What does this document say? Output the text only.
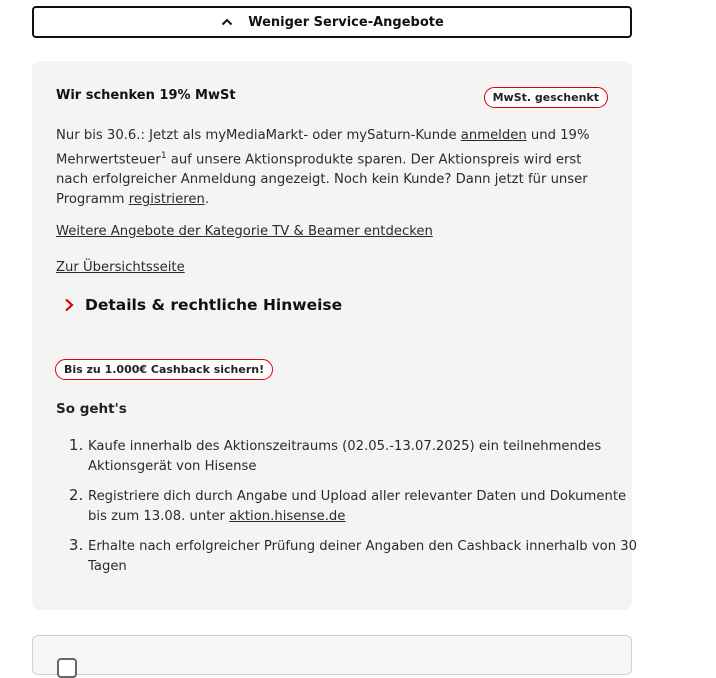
Weniger Service-Angebote
Wir schenken 19% MwSt	MwSt. geschenkt
Nur bis 30.6.: Jetzt als myMediaMarkt- oder mySaturn-Kunde anmelden und 19% Mehrwertsteuer$^1$ auf unsere Aktionsprodukte sparen. Der Aktionspreis wird erst nach erfolgreicher Anmeldung angezeigt. Noch kein Kunde? Dann jetzt für unser Programm registrieren.
Weitere Angebote der Kategorie TV & Beamer entdecken
Zur Übersichtsseite
Details & rechtliche Hinweise
Bis zu 1.000€ Cashback sichern!
So geht's
1. Kaufe innerhalb des Aktionszeitraums (02.05.-13.07.2025) ein teilnehmendes Aktionsgerät von Hisense
2. Registriere dich durch Angabe und Upload aller relevanter Daten und Dokumente bis zum 13.08. unter aktion.hisense.de
3. Erhalte nach erfolgreicher Prüfung deiner Angaben den Cashback innerhalb von 30 Tagen
